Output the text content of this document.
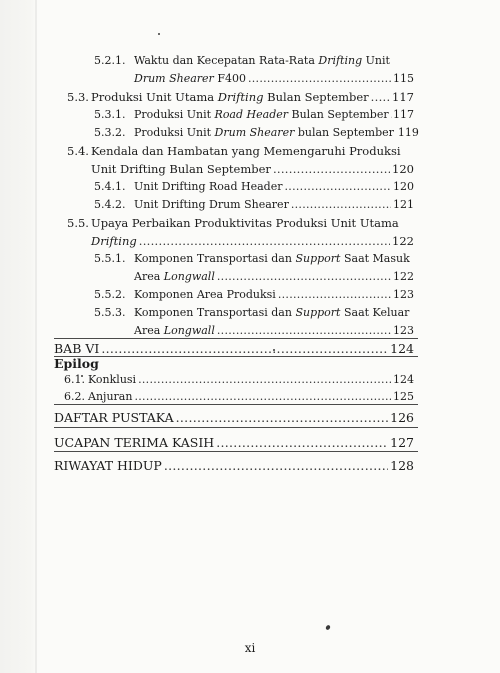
5.2.1. Waktu dan Kecepatan Rata-Rata Drifting Unit
Drum Shearer F400 .....	115
5.3. Produksi Unit Utama Drifting Bulan September ..... 117
5.3.1. Produksi Unit Road Header Bulan September ..... 117
5.3.2. Produksi Unit Drum Shearer bulan September 119
5.4. Kendala dan Hambatan yang Memengaruhi Produksi
Unit Drifting Bulan September .....	120
5.4.1. Unit Drifting Road Header .....	120
5.4.2. Unit Drifting Drum Shearer .....	121
5.5. Upaya Perbaikan Produktivitas Produksi Unit Utama
Drifting .....	122
5.5.1. Komponen Transportasi dan Support Saat Masuk
Area Longwall .....	122
5.5.2. Komponen Area Produksi .....	123
5.5.3. Komponen Transportasi dan Support Saat Keluar
Area Longwall .....	123
BAB VI .....	124
Epilog
6.1. Konklusi .....	124
6.2. Anjuran .....	125
DAFTAR PUSTAKA .....	126
UCAPAN TERIMA KASIH .....	127
RIWAYAT HIDUP .....	128
xi
